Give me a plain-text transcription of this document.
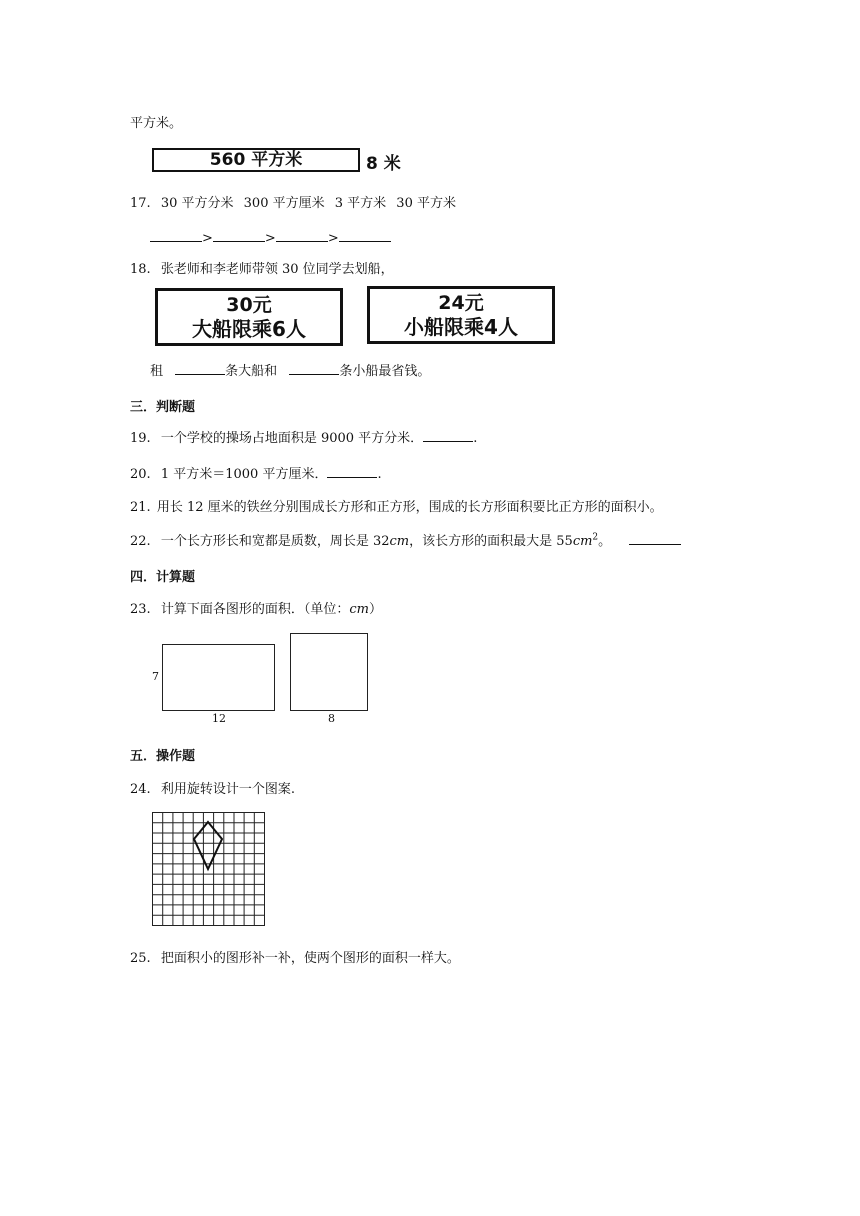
平方米。
560 平方米	8 米
17. 30 平方分米 300 平方厘米 3 平方米 30 平方米
>	>	>
18. 张老师和李老师带领 30 位同学去划船，
30元
大船限乘6人
24元
小船限乘4人
租	条大船和	条小船最省钱。
三．判断题
19. 一个学校的操场占地面积是 9000 平方分米．	.
20. 1 平方米＝1000 平方厘米．	.
21. 用长 12 厘米的铁丝分别围成长方形和正方形，围成的长方形面积要比正方形的面积小。
22. 一个长方形长和宽都是质数，周长是 32cm，该长方形的面积最大是 $55cm^2$。
四．计算题
23. 计算下面各图形的面积．（单位：cm）
7
12	8
五．操作题
24. 利用旋转设计一个图案.
25. 把面积小的图形补一补，使两个图形的面积一样大。
